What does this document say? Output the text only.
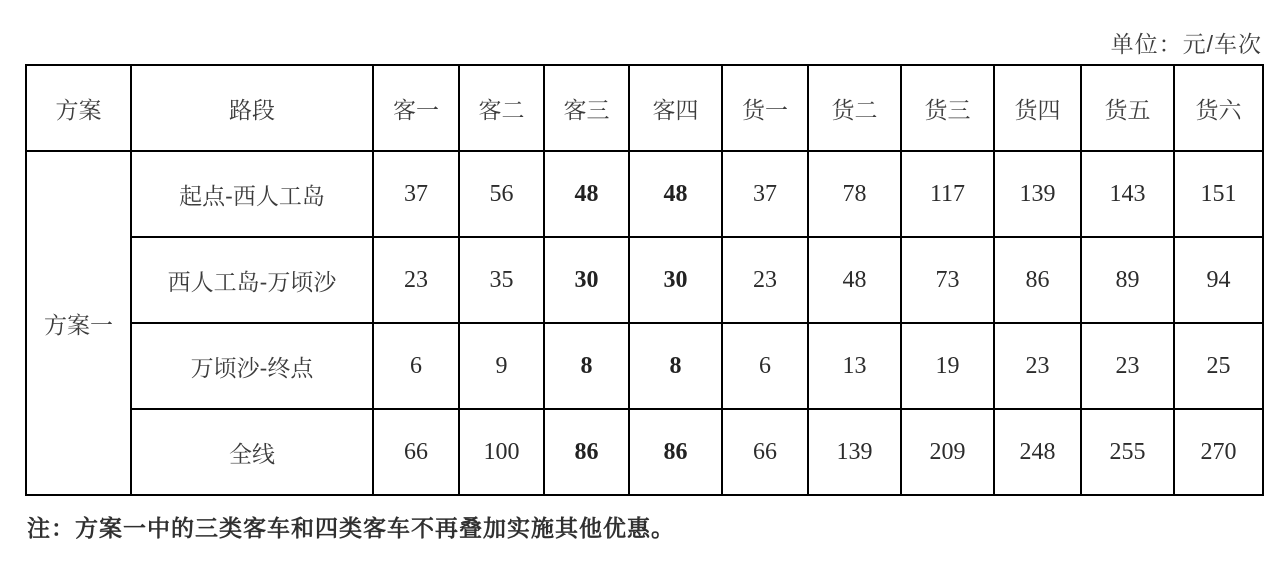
单位：元/车次
方案	路段	客一	客二	客三	客四	货一	货二	货三	货四	货五	货六
方案一	起点-西人工岛	37	56	48	48	37	78	117	139	143	151
	西人工岛-万顷沙	23	35	30	30	23	48	73	86	89	94
	万顷沙-终点	6	9	8	8	6	13	19	23	23	25
	全线	66	100	86	86	66	139	209	248	255	270
注：方案一中的三类客车和四类客车不再叠加实施其他优惠。
